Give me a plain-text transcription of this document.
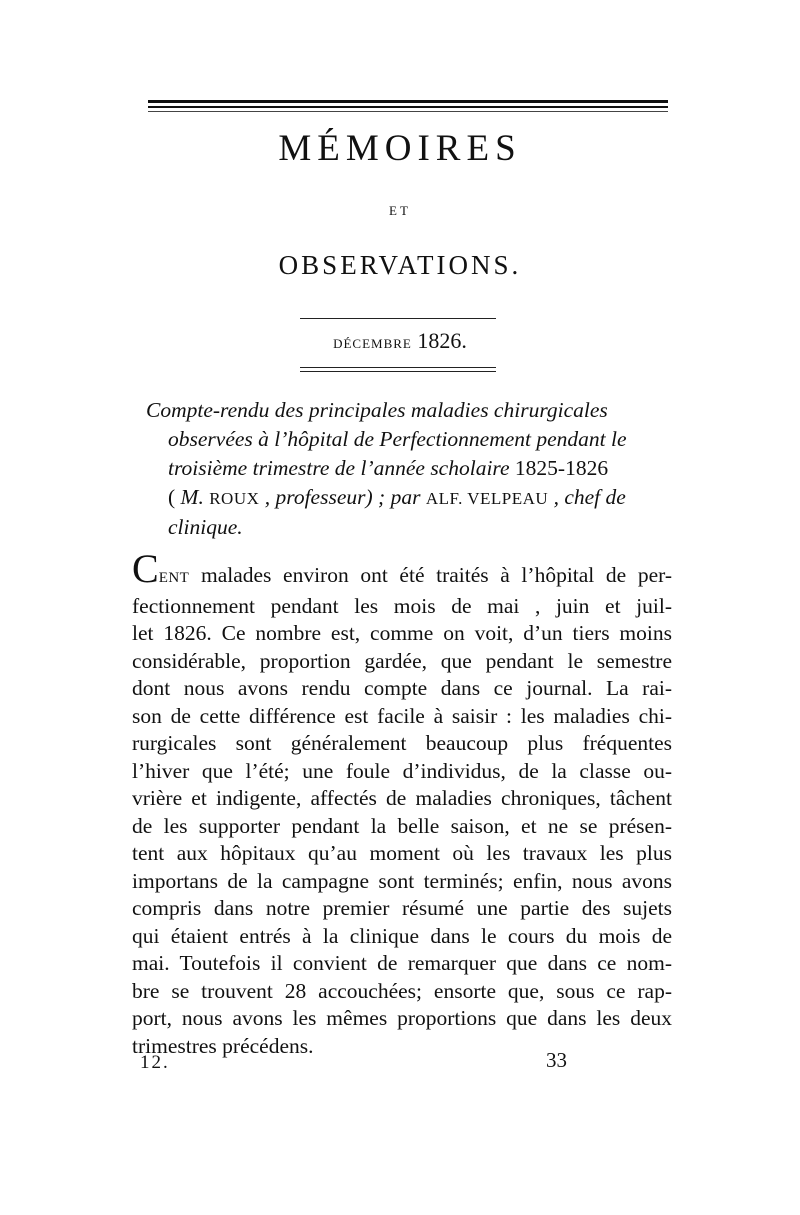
MÉMOIRES
ET
OBSERVATIONS.
DÉCEMBRE 1826.
Compte-rendu des principales maladies chirurgicales
observées à l’hôpital de Perfectionnement pendant le
troisième trimestre de l’année scholaire 1825-1826
( M. ROUX , professeur) ; par ALF. VELPEAU , chef de
clinique.
CENT malades environ ont été traités à l’hôpital de per-
fectionnement pendant les mois de mai , juin et juil-
let 1826. Ce nombre est, comme on voit, d’un tiers moins
considérable, proportion gardée, que pendant le semestre
dont nous avons rendu compte dans ce journal. La rai-
son de cette différence est facile à saisir : les maladies chi-
rurgicales sont généralement beaucoup plus fréquentes
l’hiver que l’été; une foule d’individus, de la classe ou-
vrière et indigente, affectés de maladies chroniques, tâchent
de les supporter pendant la belle saison, et ne se présen-
tent aux hôpitaux qu’au moment où les travaux les plus
importans de la campagne sont terminés; enfin, nous avons
compris dans notre premier résumé une partie des sujets
qui étaient entrés à la clinique dans le cours du mois de
mai. Toutefois il convient de remarquer que dans ce nom-
bre se trouvent 28 accouchées; ensorte que, sous ce rap-
port, nous avons les mêmes proportions que dans les deux
trimestres précédens.
12.	33
